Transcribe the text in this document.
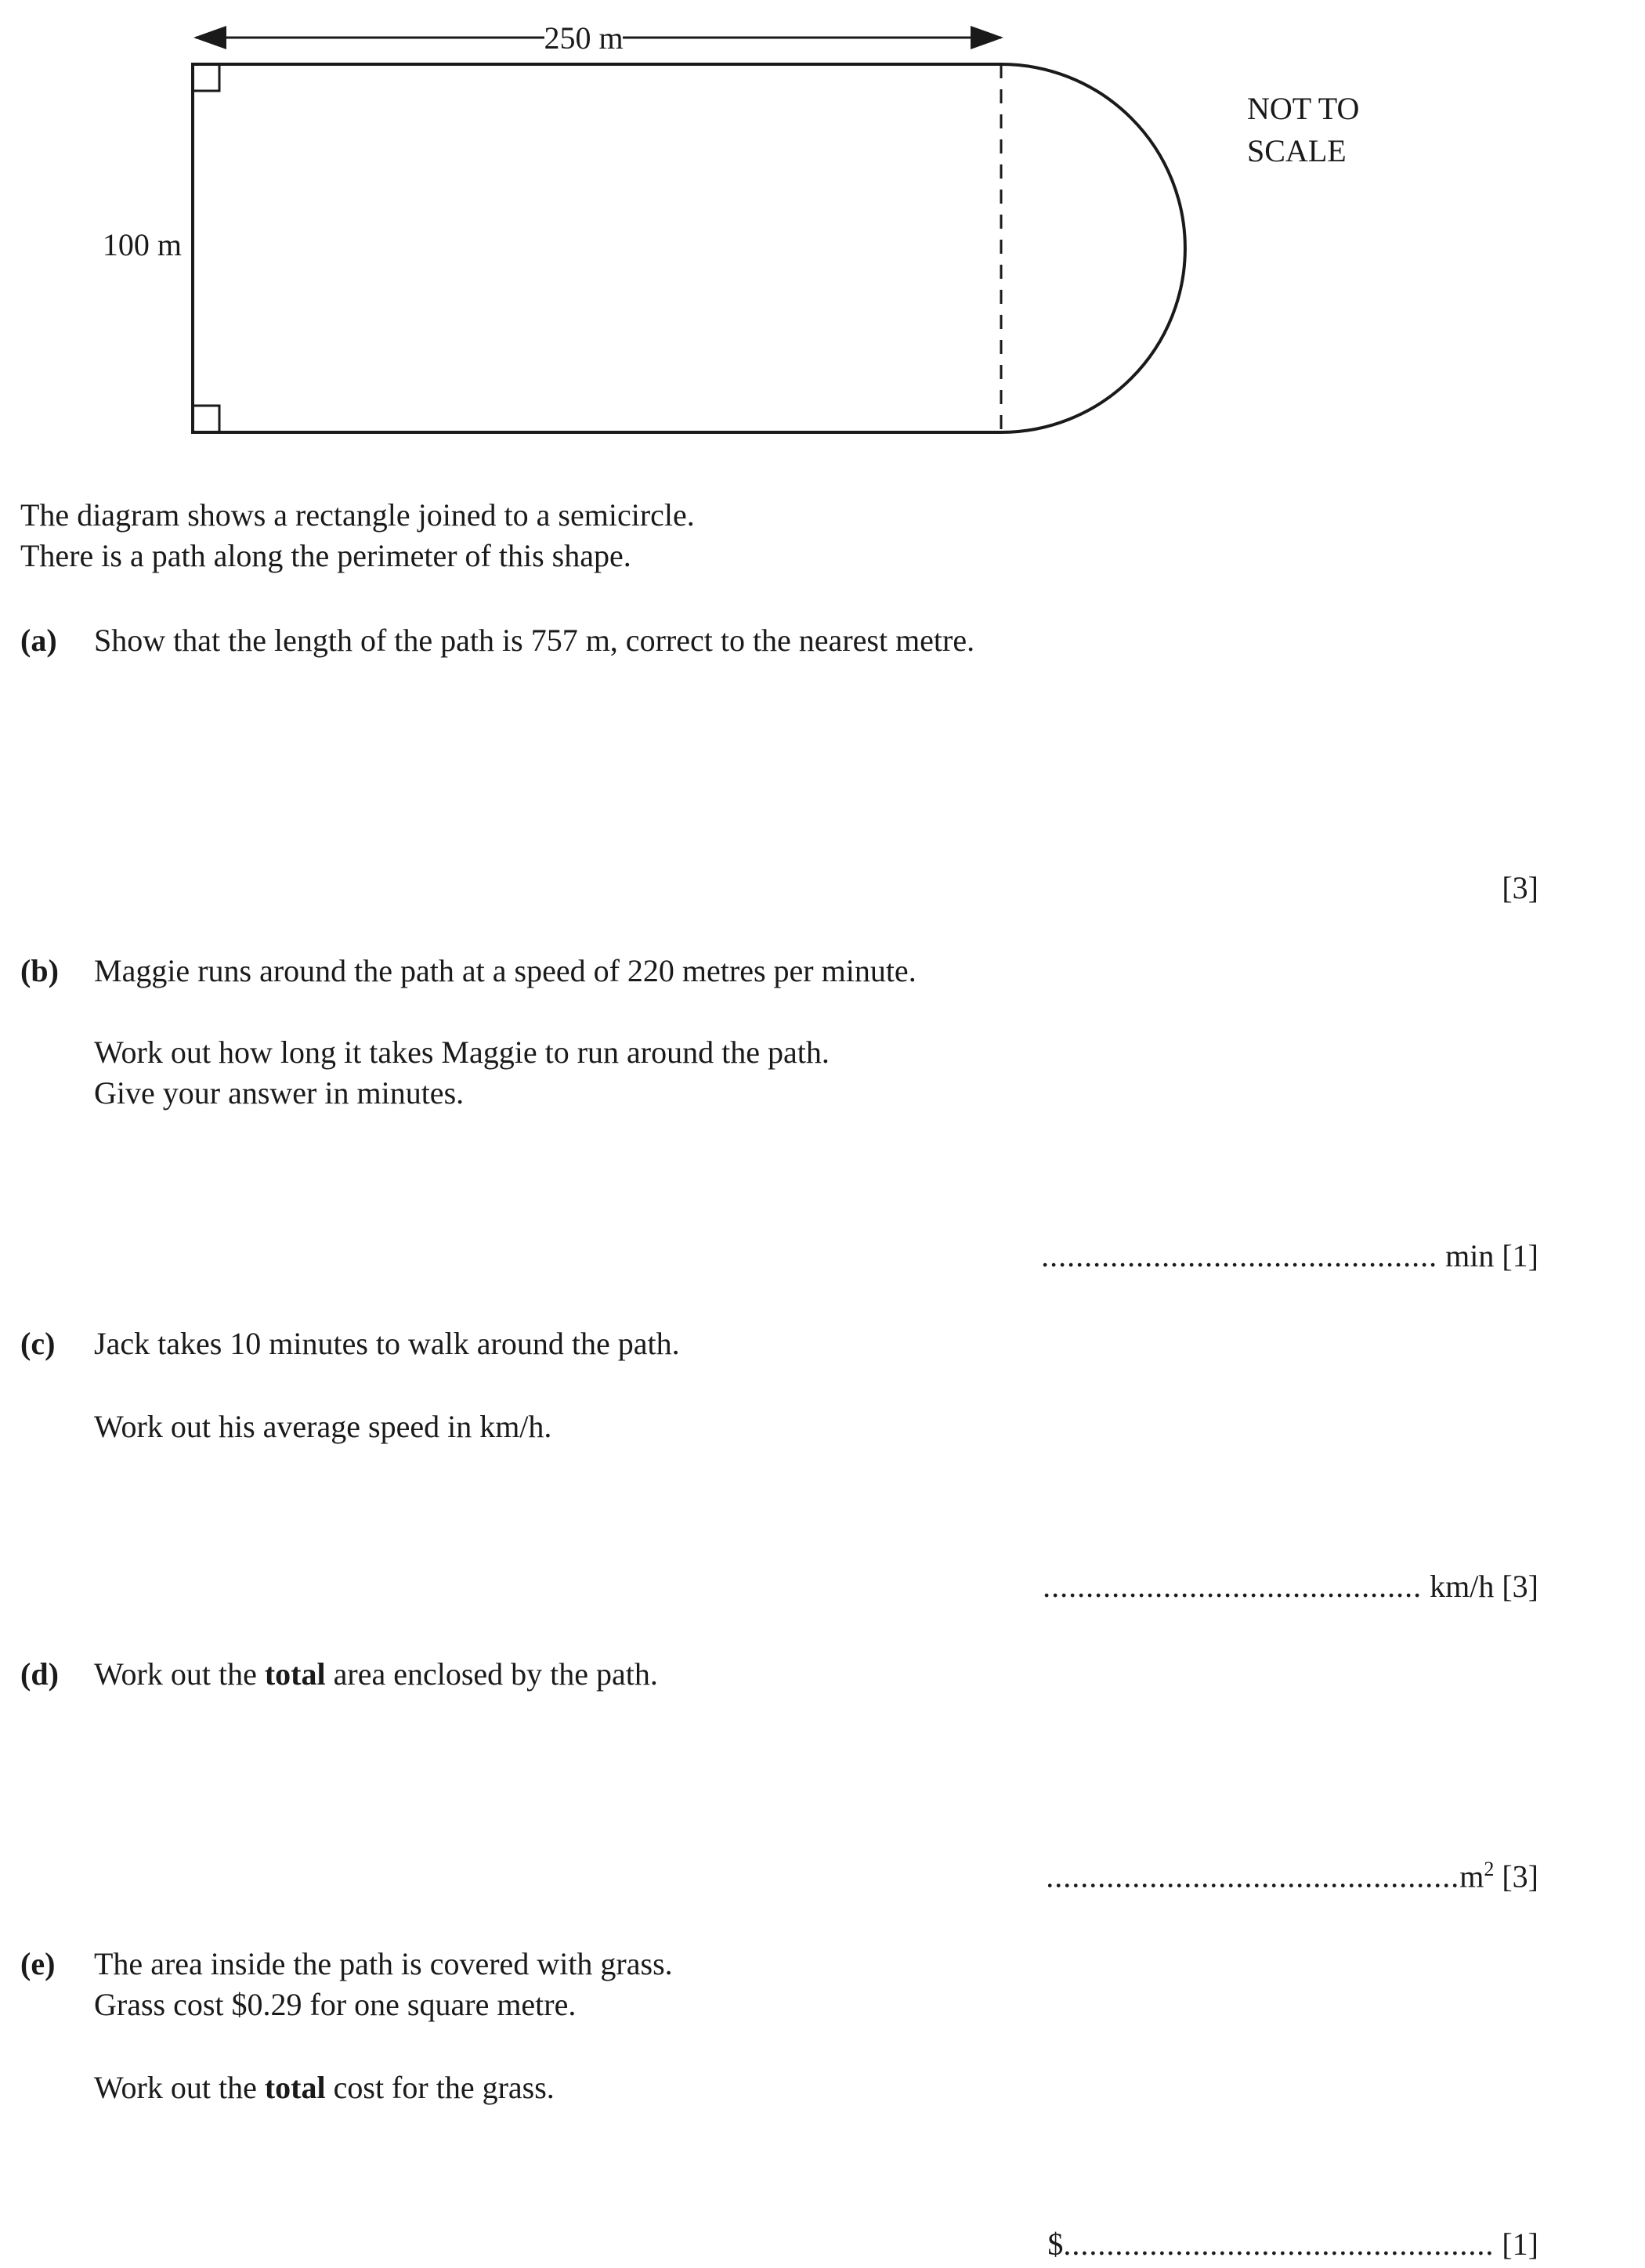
250 m
100 m
NOT TO
SCALE
The diagram shows a rectangle joined to a semicircle.
There is a path along the perimeter of this shape.
(a) Show that the length of the path is 757 m, correct to the nearest metre.
[3]
(b) Maggie runs around the path at a speed of 220 metres per minute.
Work out how long it takes Maggie to run around the path.
Give your answer in minutes.
.............................................. min [1]
(c) Jack takes 10 minutes to walk around the path.
Work out his average speed in km/h.
............................................ km/h [3]
(d) Work out the total area enclosed by the path.
$................................................m^2$ [3]
(e) The area inside the path is covered with grass.
Grass cost $0.29 for one square metre.
Work out the total cost for the grass.
$.................................................. [1]
